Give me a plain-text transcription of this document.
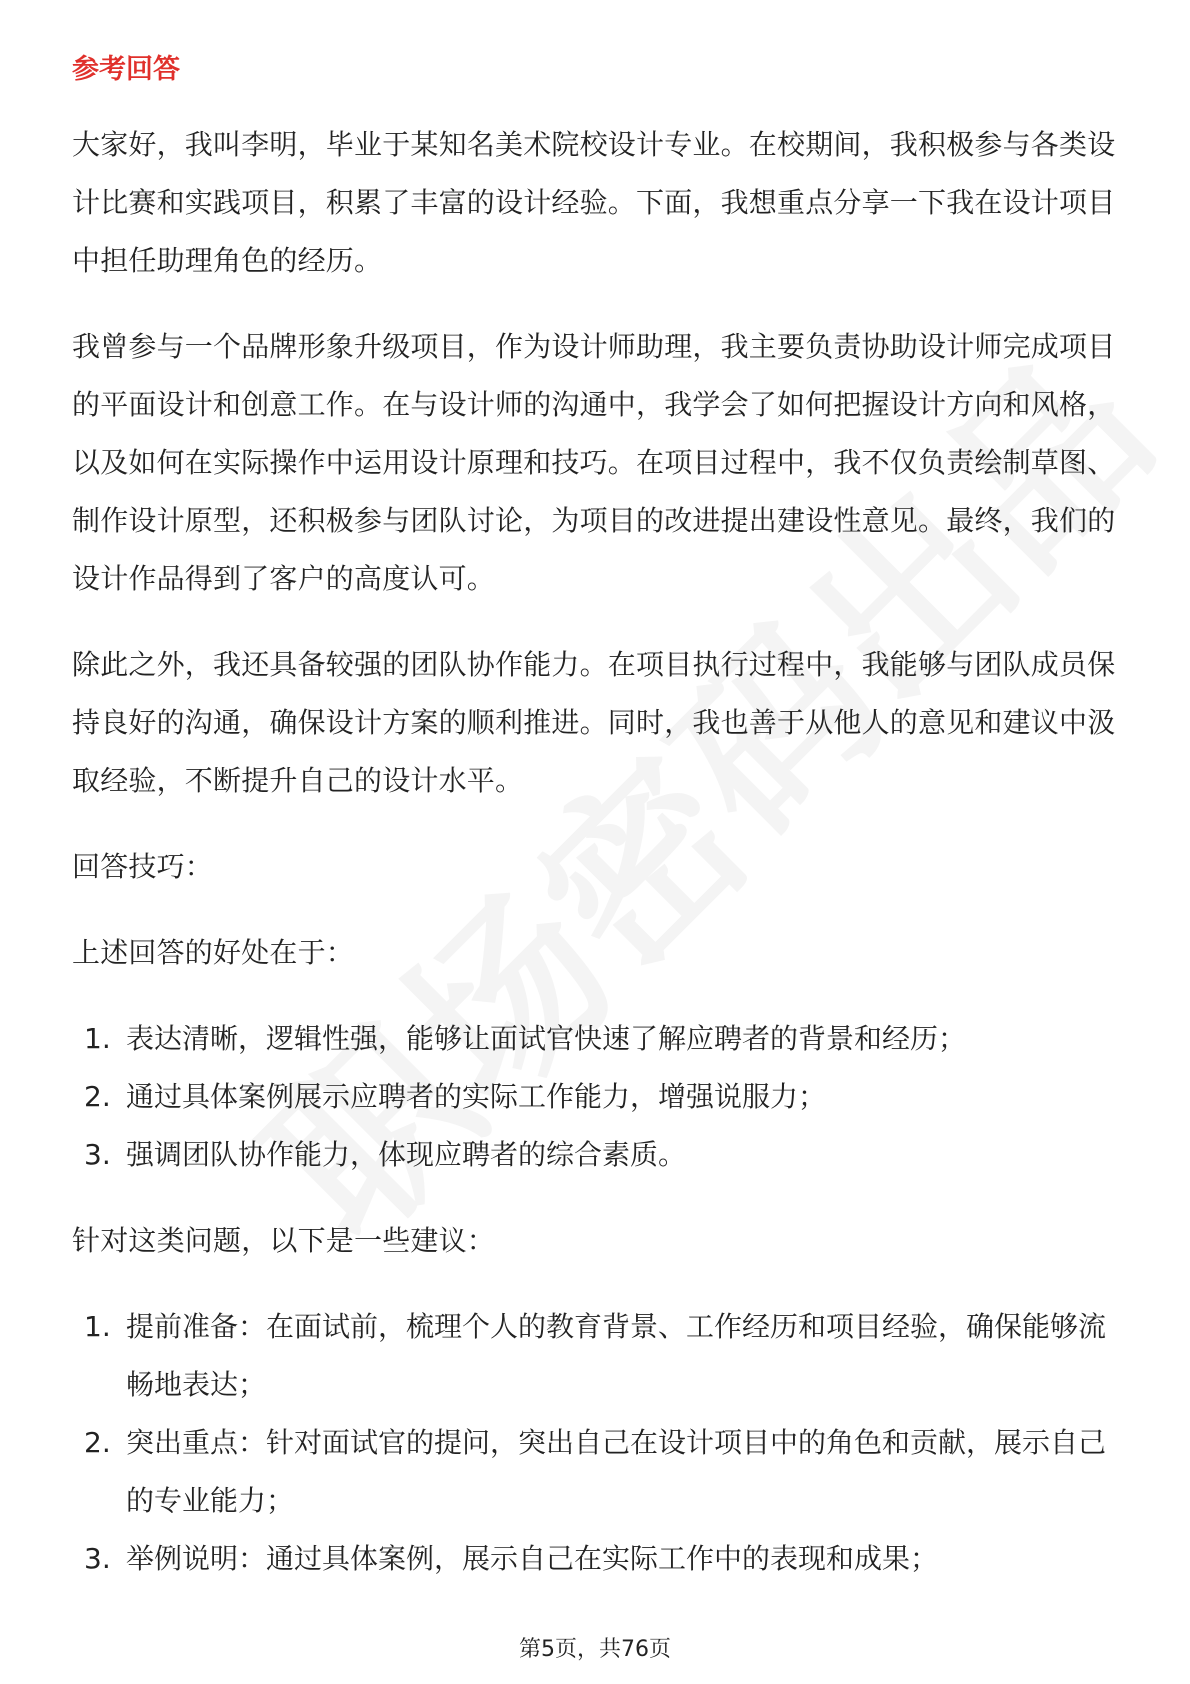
参考回答

大家好，我叫李明，毕业于某知名美术院校设计专业。在校期间，我积极参与各类设计比赛和实践项目，积累了丰富的设计经验。下面，我想重点分享一下我在设计项目中担任助理角色的经历。

我曾参与一个品牌形象升级项目，作为设计师助理，我主要负责协助设计师完成项目的平面设计和创意工作。在与设计师的沟通中，我学会了如何把握设计方向和风格，以及如何在实际操作中运用设计原理和技巧。在项目过程中，我不仅负责绘制草图、制作设计原型，还积极参与团队讨论，为项目的改进提出建设性意见。最终，我们的设计作品得到了客户的高度认可。

除此之外，我还具备较强的团队协作能力。在项目执行过程中，我能够与团队成员保持良好的沟通，确保设计方案的顺利推进。同时，我也善于从他人的意见和建议中汲取经验，不断提升自己的设计水平。

回答技巧：

上述回答的好处在于：

1. 表达清晰，逻辑性强，能够让面试官快速了解应聘者的背景和经历；
2. 通过具体案例展示应聘者的实际工作能力，增强说服力；
3. 强调团队协作能力，体现应聘者的综合素质。

针对这类问题，以下是一些建议：

1. 提前准备：在面试前，梳理个人的教育背景、工作经历和项目经验，确保能够流畅地表达；
2. 突出重点：针对面试官的提问，突出自己在设计项目中的角色和贡献，展示自己的专业能力；
3. 举例说明：通过具体案例，展示自己在实际工作中的表现和成果；
第5页，共76页
